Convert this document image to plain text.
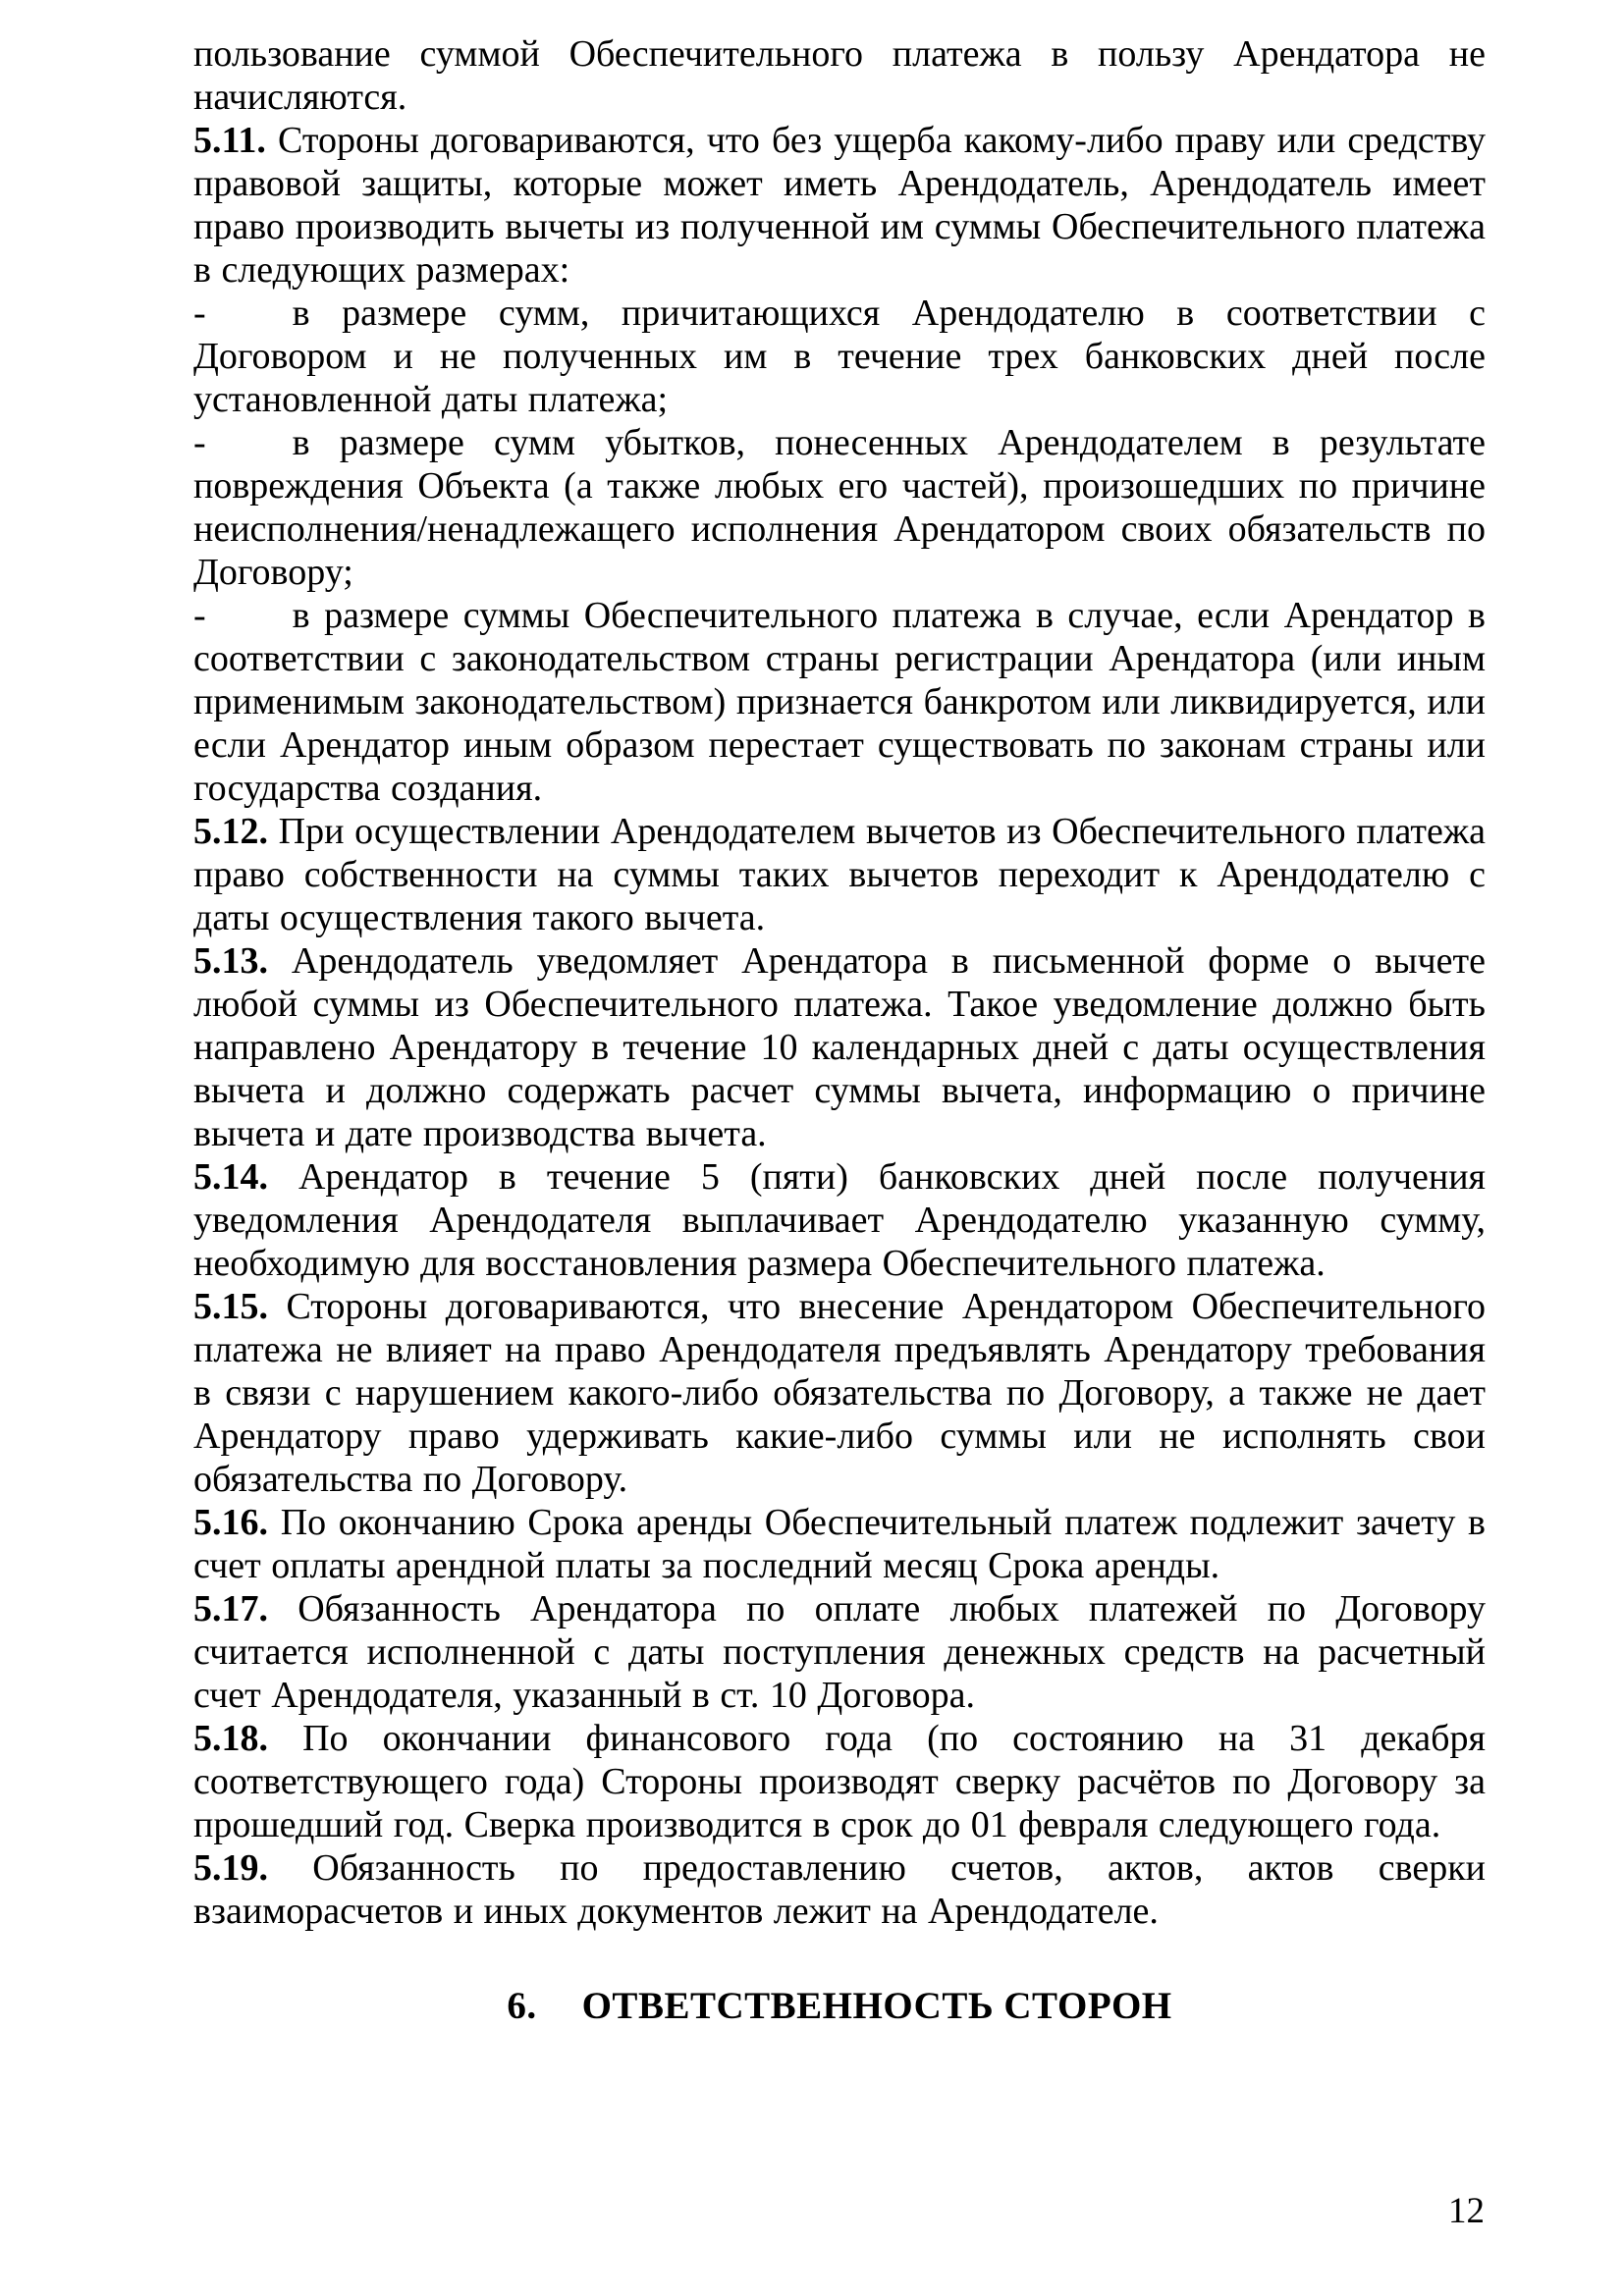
пользование суммой Обеспечительного платежа в пользу Арендатора не начисляются.

5.11. Стороны договариваются, что без ущерба какому-либо праву или средству правовой защиты, которые может иметь Арендодатель, Арендодатель имеет право производить вычеты из полученной им суммы Обеспечительного платежа в следующих размерах:

- в размере сумм, причитающихся Арендодателю в соответствии с Договором и не полученных им в течение трех банковских дней после установленной даты платежа;

- в размере сумм убытков, понесенных Арендодателем в результате повреждения Объекта (а также любых его частей), произошедших по причине неисполнения/ненадлежащего исполнения Арендатором своих обязательств по Договору;

- в размере суммы Обеспечительного платежа в случае, если Арендатор в соответствии с законодательством страны регистрации Арендатора (или иным применимым законодательством) признается банкротом или ликвидируется, или если Арендатор иным образом перестает существовать по законам страны или государства создания.

5.12. При осуществлении Арендодателем вычетов из Обеспечительного платежа право собственности на суммы таких вычетов переходит к Арендодателю с даты осуществления такого вычета.

5.13. Арендодатель уведомляет Арендатора в письменной форме о вычете любой суммы из Обеспечительного платежа. Такое уведомление должно быть направлено Арендатору в течение 10 календарных дней с даты осуществления вычета и должно содержать расчет суммы вычета, информацию о причине вычета и дате производства вычета.

5.14. Арендатор в течение 5 (пяти) банковских дней после получения уведомления Арендодателя выплачивает Арендодателю указанную сумму, необходимую для восстановления размера Обеспечительного платежа.

5.15. Стороны договариваются, что внесение Арендатором Обеспечительного платежа не влияет на право Арендодателя предъявлять Арендатору требования в связи с нарушением какого-либо обязательства по Договору, а также не дает Арендатору право удерживать какие-либо суммы или не исполнять свои обязательства по Договору.

5.16. По окончанию Срока аренды Обеспечительный платеж подлежит зачету в счет оплаты арендной платы за последний месяц Срока аренды.

5.17. Обязанность Арендатора по оплате любых платежей по Договору считается исполненной с даты поступления денежных средств на расчетный счет Арендодателя, указанный в ст. 10 Договора.

5.18. По окончании финансового года (по состоянию на 31 декабря соответствующего года) Стороны производят сверку расчётов по Договору за прошедший год. Сверка производится в срок до 01 февраля следующего года.

5.19. Обязанность по предоставлению счетов, актов, актов сверки взаиморасчетов и иных документов лежит на Арендодателе.

6. ОТВЕТСТВЕННОСТЬ СТОРОН
12
